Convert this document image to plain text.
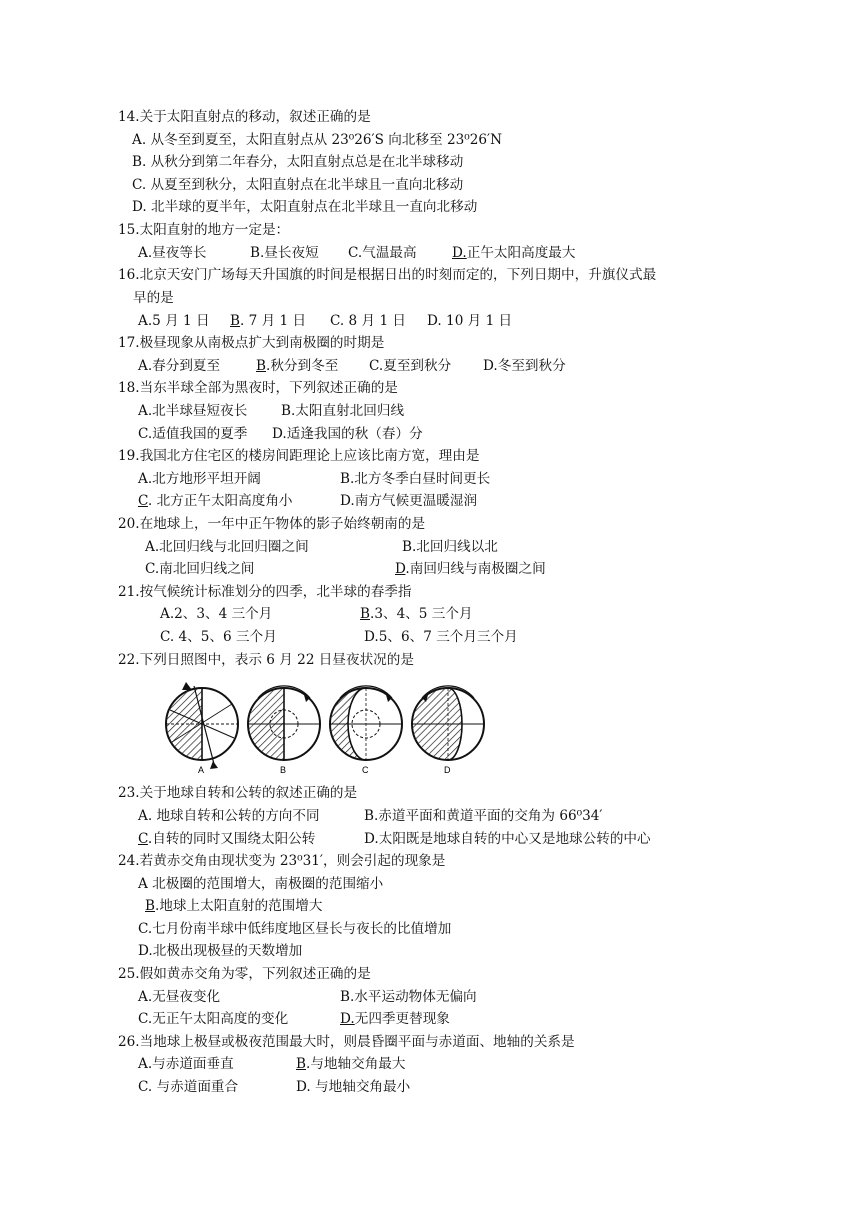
14.关于太阳直射点的移动，叙述正确的是
A. 从冬至到夏至，太阳直射点从 23⁰26′S 向北移至 23⁰26′N
B. 从秋分到第二年春分，太阳直射点总是在北半球移动
C. 从夏至到秋分，太阳直射点在北半球且一直向北移动
D. 北半球的夏半年，太阳直射点在北半球且一直向北移动
15.太阳直射的地方一定是：
A.昼夜等长	B.昼长夜短 C.气温最高	D.正午太阳高度最大
16.北京天安门广场每天升国旗的时间是根据日出的时刻而定的，下列日期中，升旗仪式最
早的是
A.5 月 1 日 B. 7 月 1 日 C. 8 月 1 日 D. 10 月 1 日
17.极昼现象从南极点扩大到南极圈的时期是
A.春分到夏至	B.秋分到冬至 C.夏至到秋分 D.冬至到秋分
18.当东半球全部为黑夜时，下列叙述正确的是
A.北半球昼短夜长 B.太阳直射北回归线
C.适值我国的夏季 D.适逢我国的秋（春）分
19.我国北方住宅区的楼房间距理论上应该比南方宽，理由是
A.北方地形平坦开阔	B.北方冬季白昼时间更长
C. 北方正午太阳高度角小	D.南方气候更温暖湿润
20.在地球上，一年中正午物体的影子始终朝南的是
A.北回归线与北回归圈之间	B.北回归线以北
C.南北回归线之间	D.南回归线与南极圈之间
21.按气候统计标准划分的四季，北半球的春季指
A.2、3、4 三个月	B.3、4、5 三个月
C. 4、5、6 三个月	D.5、6、7 三个月三个月
22.下列日照图中，表示 6 月 22 日昼夜状况的是
A	B	C	D
23.关于地球自转和公转的叙述正确的是
A. 地球自转和公转的方向不同	B.赤道平面和黄道平面的交角为 66⁰34′
C.自转的同时又围绕太阳公转	D.太阳既是地球自转的中心又是地球公转的中心
24.若黄赤交角由现状变为 23⁰31′，则会引起的现象是
A 北极圈的范围增大，南极圈的范围缩小
B.地球上太阳直射的范围增大
C.七月份南半球中低纬度地区昼长与夜长的比值增加
D.北极出现极昼的天数增加
25.假如黄赤交角为零，下列叙述正确的是
A.无昼夜变化	B.水平运动物体无偏向
C.无正午太阳高度的变化	D.无四季更替现象
26.当地球上极昼或极夜范围最大时，则晨昏圈平面与赤道面、地轴的关系是
A.与赤道面垂直	B.与地轴交角最大
C. 与赤道面重合	D. 与地轴交角最小
